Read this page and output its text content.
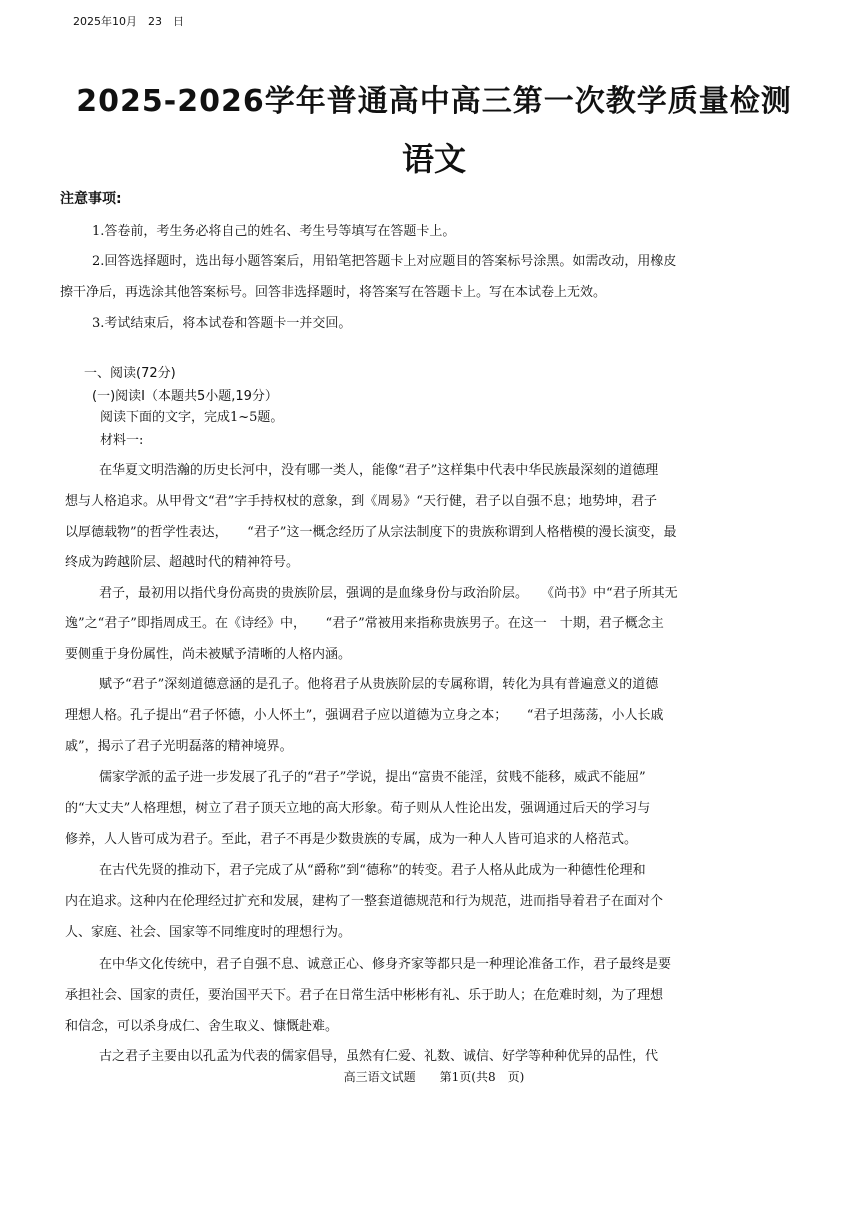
2025年10月　23　日
2025-2026学年普通高中高三第一次教学质量检测
语文
注意事项:
1.答卷前，考生务必将自己的姓名、考生号等填写在答题卡上。
2.回答选择题时，选出每小题答案后，用铅笔把答题卡上对应题目的答案标号涂黑。如需改动，用橡皮
擦干净后，再选涂其他答案标号。回答非选择题时，将答案写在答题卡上。写在本试卷上无效。
3.考试结束后，将本试卷和答题卡一并交回。
一、阅读(72分)
(一)阅读Ⅰ（本题共5小题,19分）
阅读下面的文字，完成1~5题。
材料一:
在华夏文明浩瀚的历史长河中，没有哪一类人，能像“君子”这样集中代表中华民族最深刻的道德理
想与人格追求。从甲骨文“君”字手持权杖的意象，到《周易》“天行健，君子以自强不息；地势坤，君子
以厚德载物”的哲学性表达，　　“君子”这一概念经历了从宗法制度下的贵族称谓到人格楷模的漫长演变，最
终成为跨越阶层、超越时代的精神符号。
君子，最初用以指代身份高贵的贵族阶层，强调的是血缘身份与政治阶层。　　《尚书》中“君子所其无
逸”之“君子”即指周成王。在《诗经》中，　　“君子”常被用来指称贵族男子。在这一　十期，君子概念主
要侧重于身份属性，尚未被赋予清晰的人格内涵。
赋予“君子”深刻道德意涵的是孔子。他将君子从贵族阶层的专属称谓，转化为具有普遍意义的道德
理想人格。孔子提出“君子怀德，小人怀土”，强调君子应以道德为立身之本；　　“君子坦荡荡，小人长戚
戚”，揭示了君子光明磊落的精神境界。
儒家学派的孟子进一步发展了孔子的“君子”学说，提出“富贵不能淫，贫贱不能移，威武不能屈”
的“大丈夫”人格理想，树立了君子顶天立地的高大形象。荀子则从人性论出发，强调通过后天的学习与
修养，人人皆可成为君子。至此，君子不再是少数贵族的专属，成为一种人人皆可追求的人格范式。
在古代先贤的推动下，君子完成了从“爵称”到“德称”的转变。君子人格从此成为一种德性伦理和
内在追求。这种内在伦理经过扩充和发展，建构了一整套道德规范和行为规范，进而指导着君子在面对个
人、家庭、社会、国家等不同维度时的理想行为。
在中华文化传统中，君子自强不息、诚意正心、修身齐家等都只是一种理论准备工作，君子最终是要
承担社会、国家的责任，要治国平天下。君子在日常生活中彬彬有礼、乐于助人；在危难时刻，为了理想
和信念，可以杀身成仁、舍生取义、慷慨赴难。
古之君子主要由以孔孟为代表的儒家倡导，虽然有仁爱、礼数、诚信、好学等种种优异的品性，代
高三语文试题　　第1页(共8　页)
